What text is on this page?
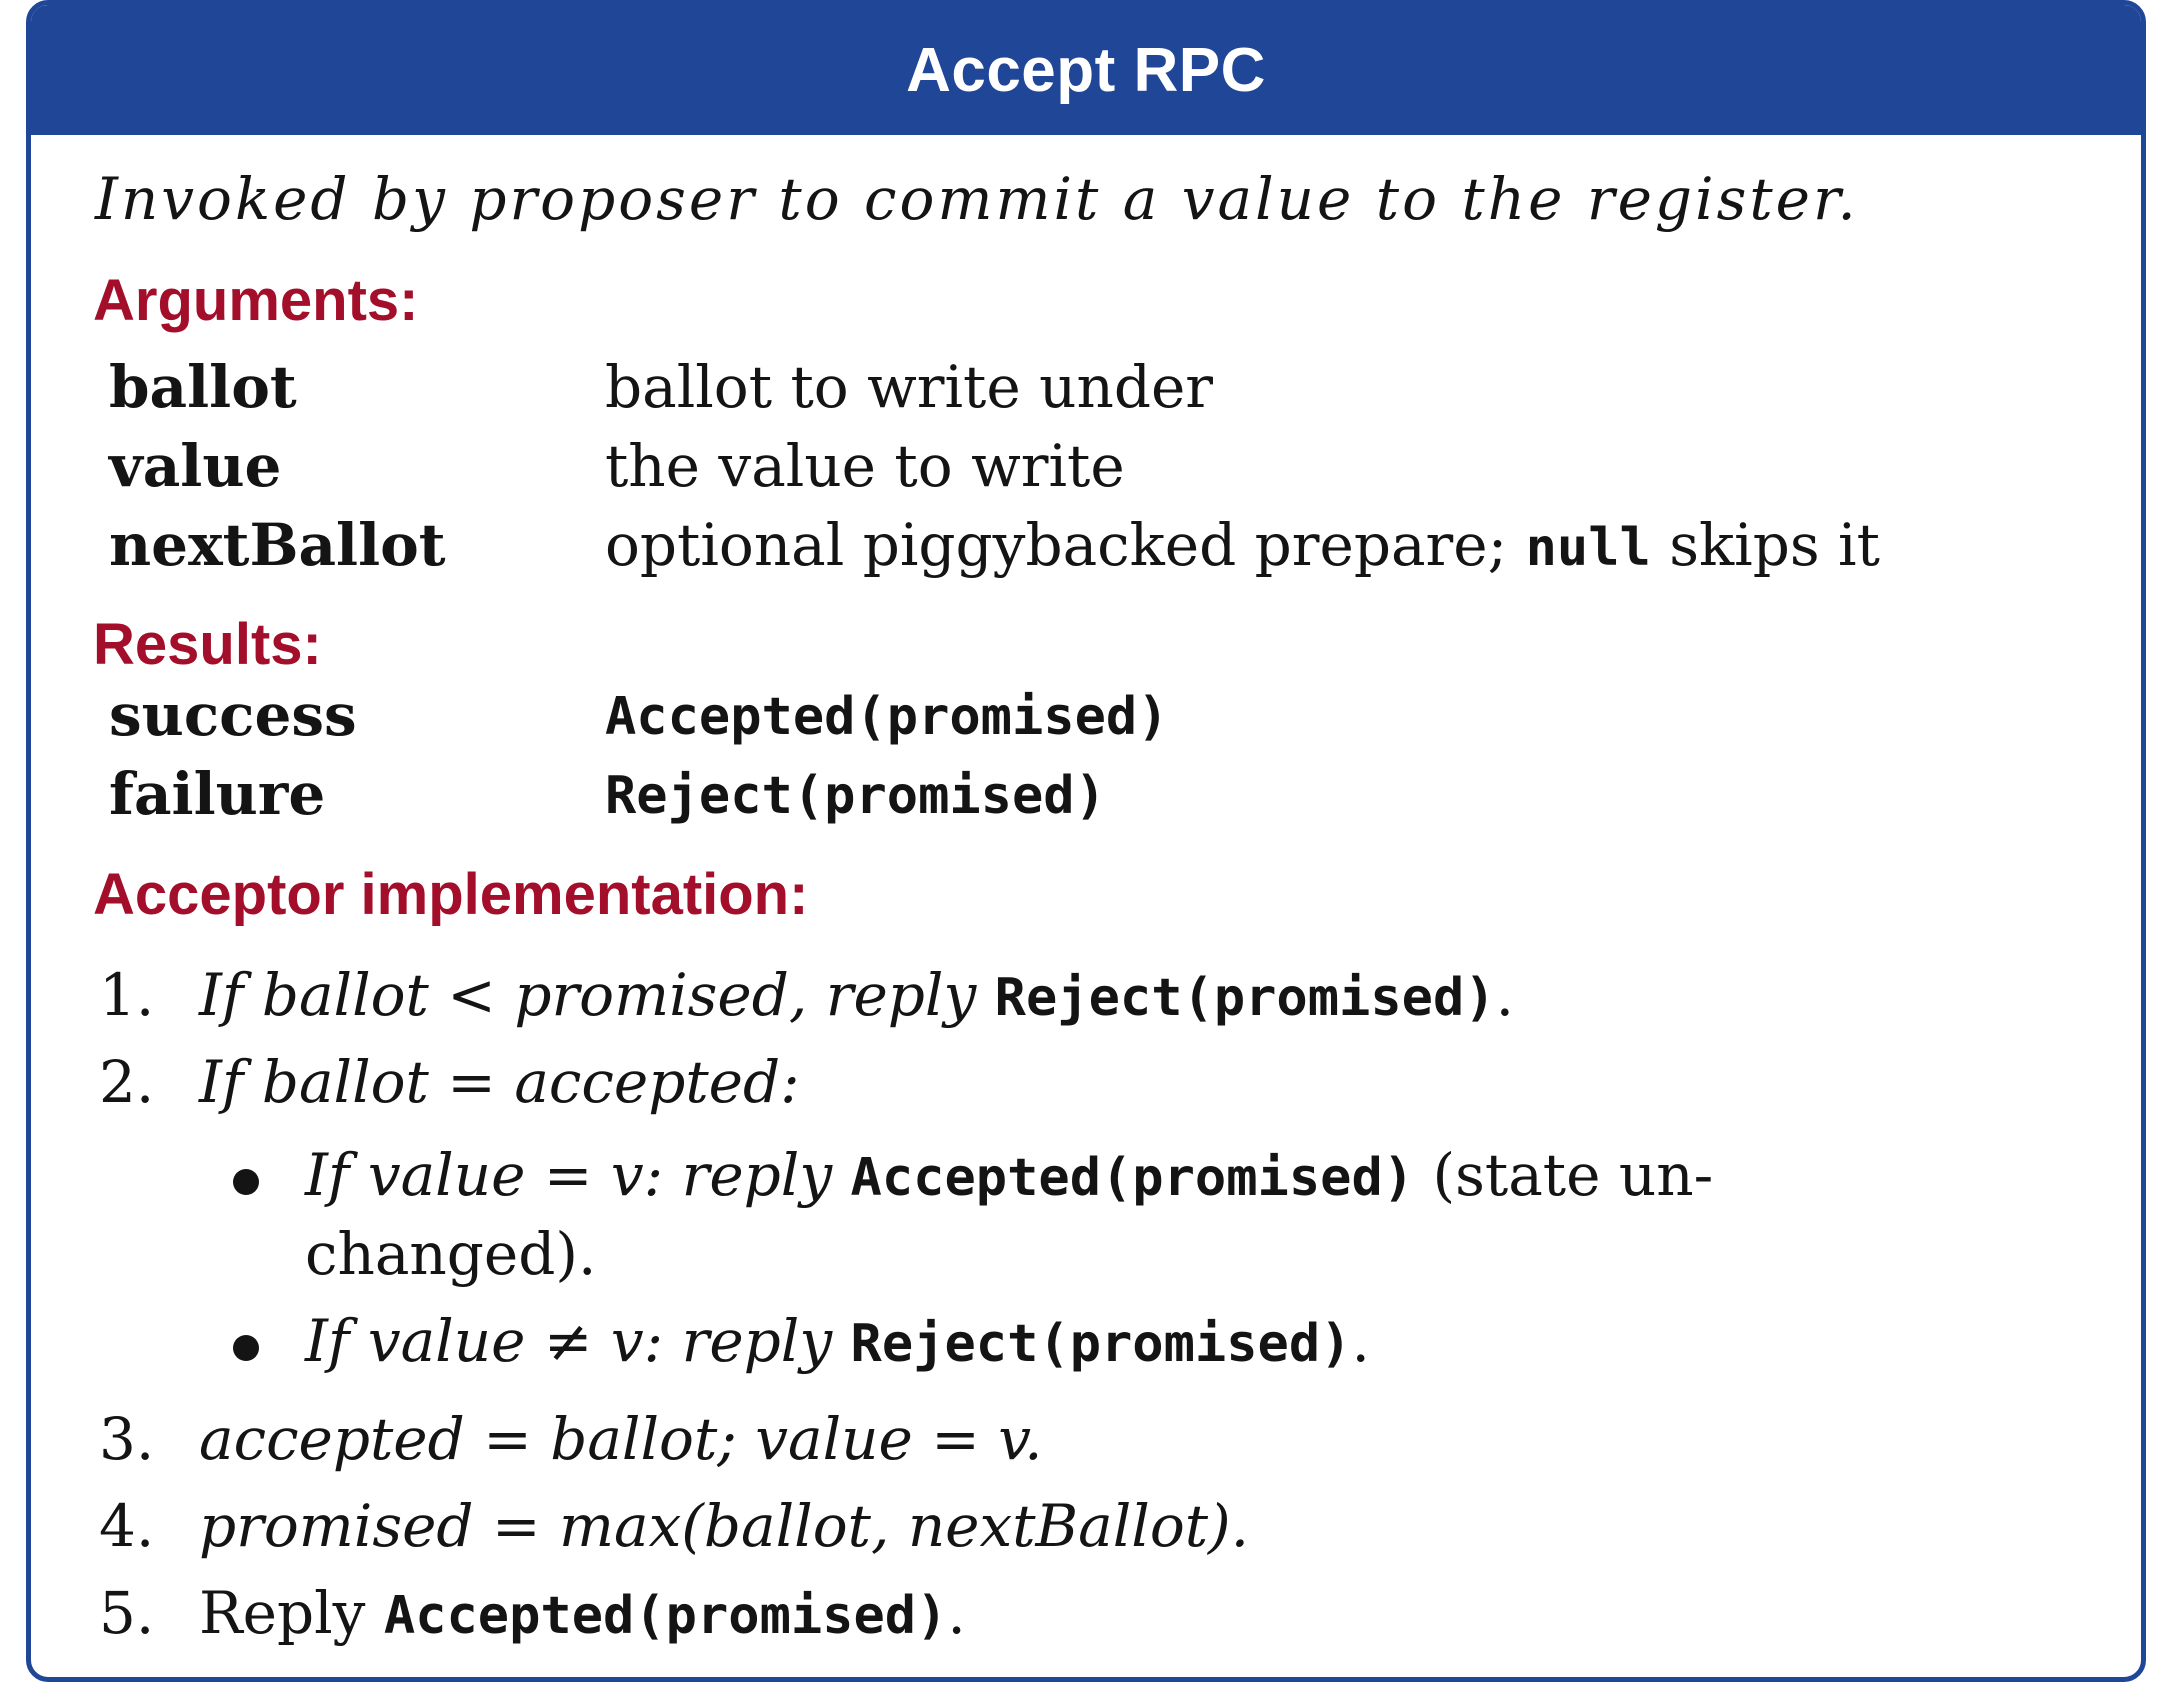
Accept RPC
Invoked by proposer to commit a value to the register.
Arguments:
ballot	ballot to write under
value	the value to write
nextBallot	optional piggybacked prepare; null skips it
Results:
success	Accepted(promised)
failure	Reject(promised)
Acceptor implementation:
1. If ballot < promised, reply Reject(promised).
2. If ballot = accepted:
If value = v: reply Accepted(promised) (state un-
changed).
If value ≠ v: reply Reject(promised).
3. accepted = ballot; value = v.
4. promised = max(ballot, nextBallot).
5. Reply Accepted(promised).
